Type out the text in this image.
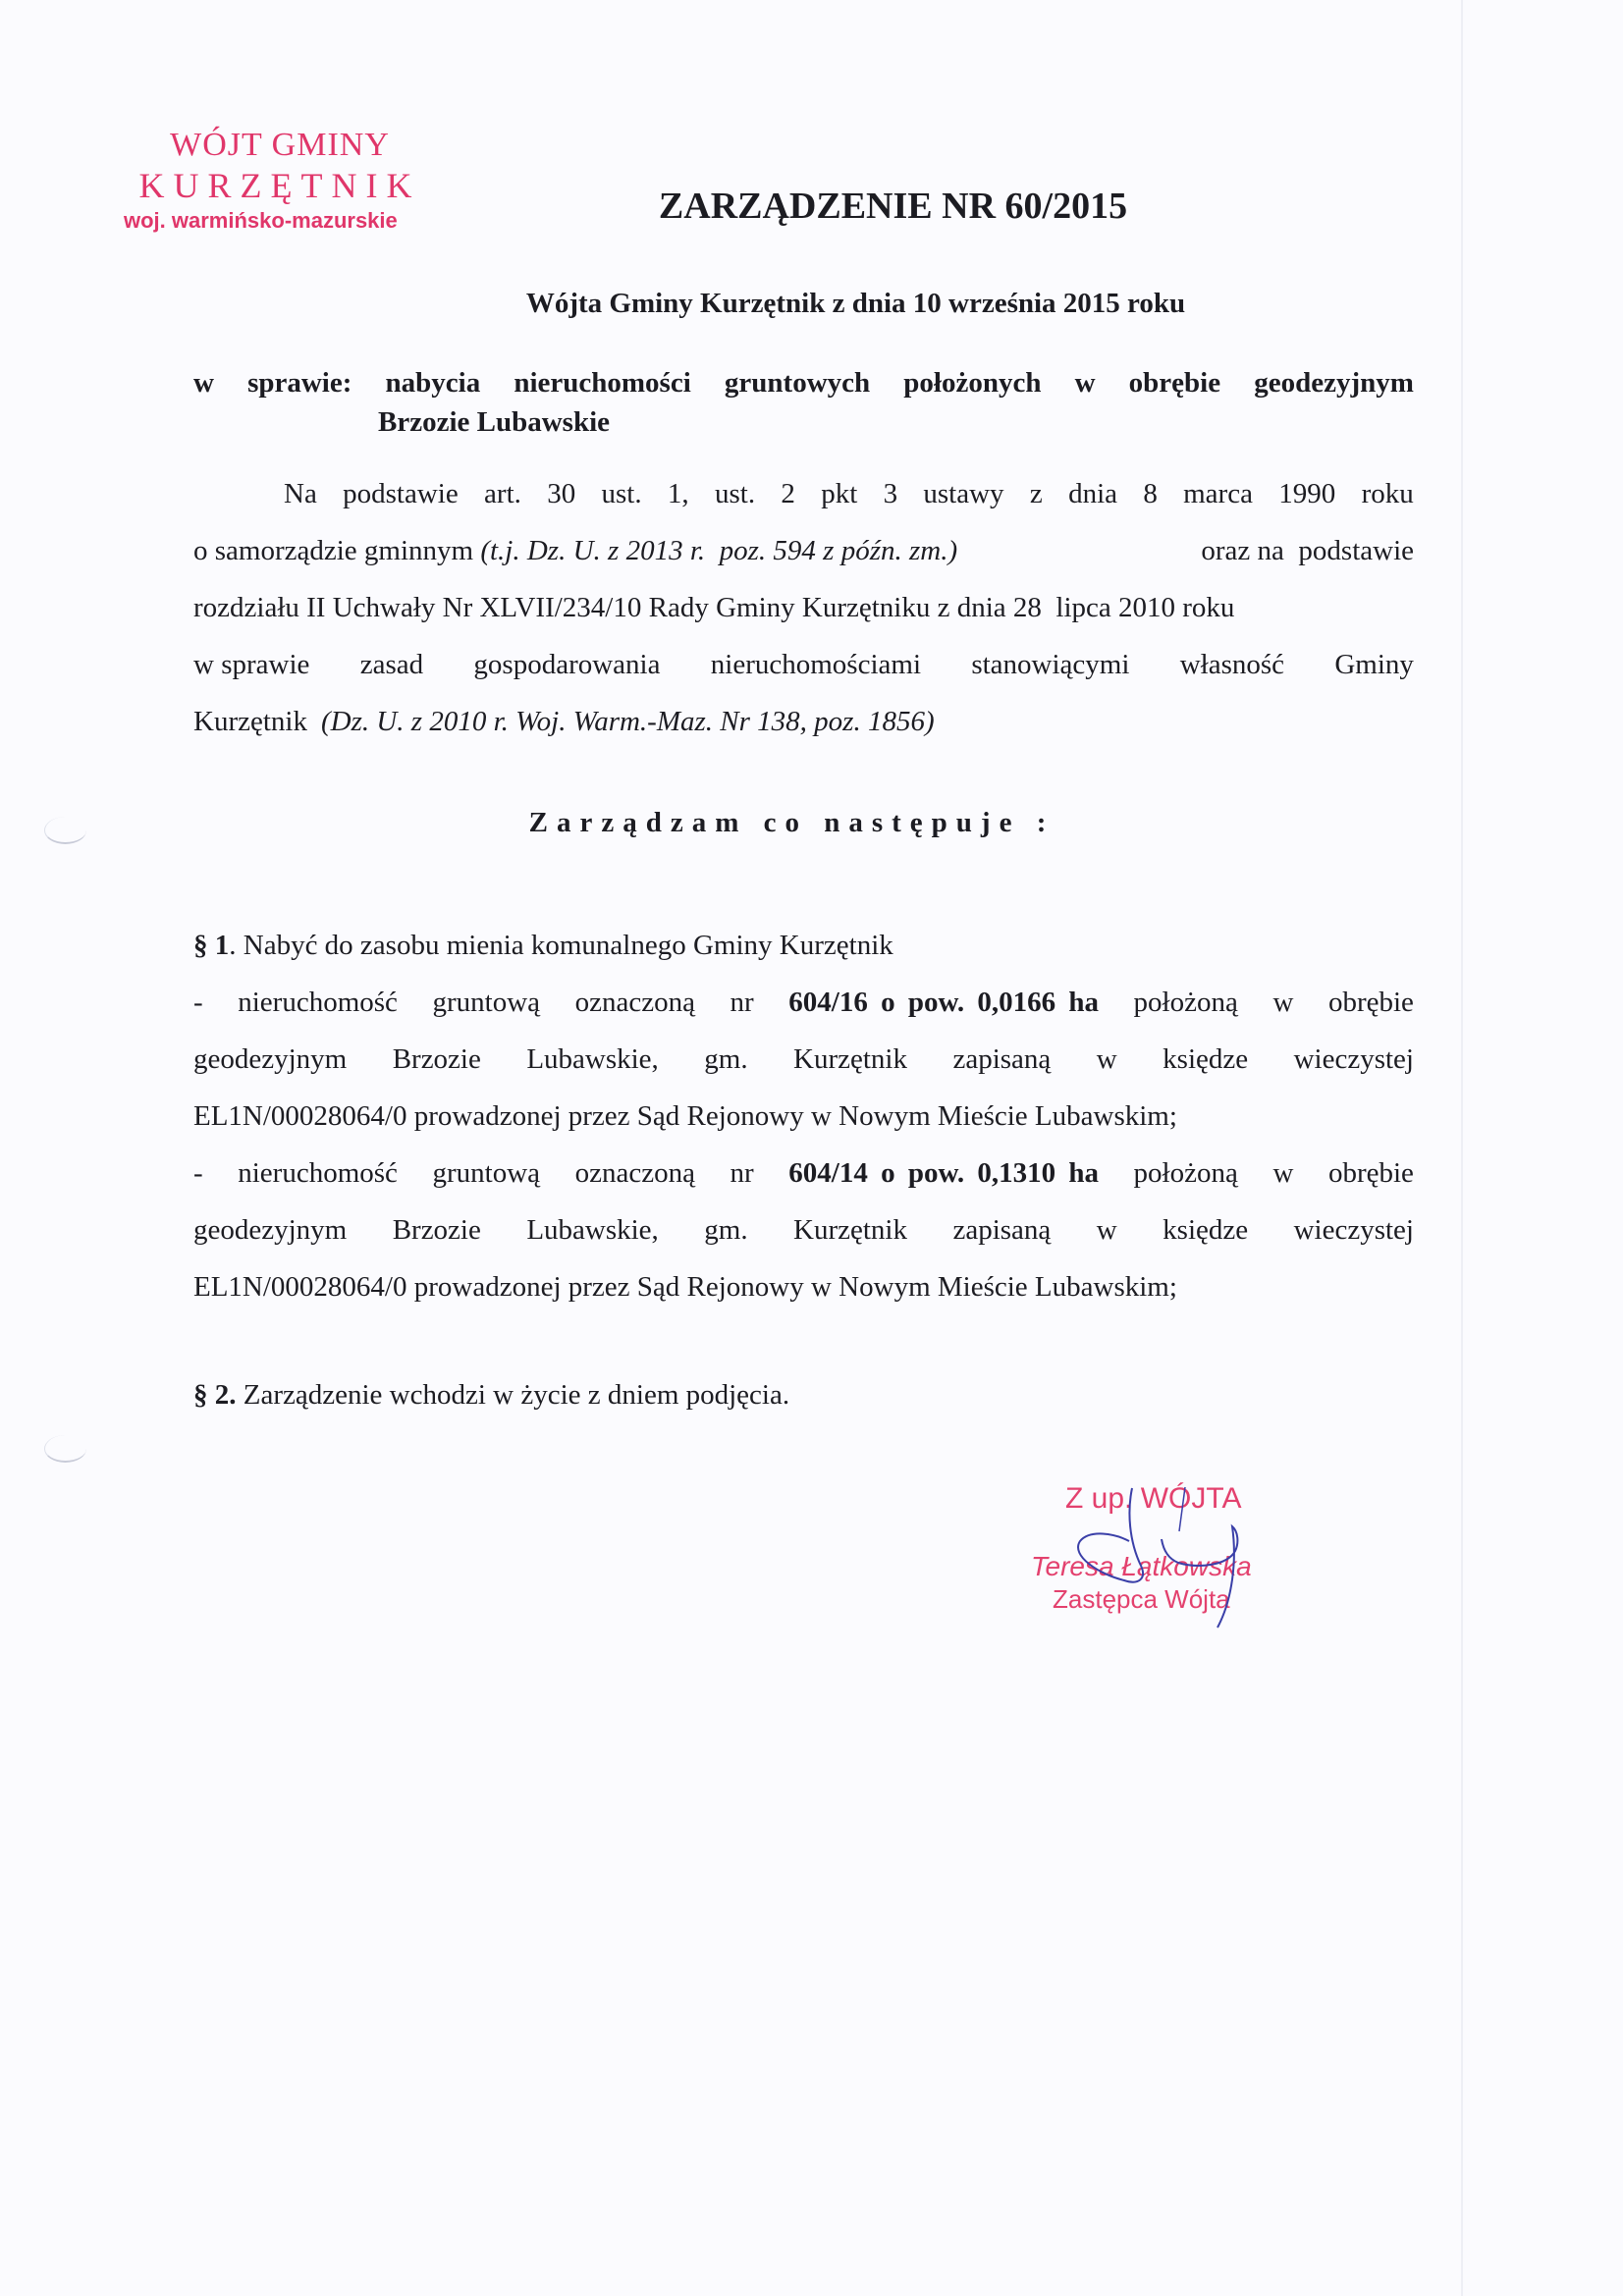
WÓJT GMINY
KURZĘTNIK
woj. warmińsko-mazurskie	ZARZĄDZENIE NR 60/2015
Wójta Gminy Kurzętnik z dnia 10 września 2015 roku
w sprawie: nabycia nieruchomości gruntowych położonych w obrębie geodezyjnym
Brzozie Lubawskie
Na podstawie art. 30 ust. 1, ust. 2 pkt 3 ustawy z dnia 8 marca 1990 roku
o samorządzie gminnym (t.j. Dz. U. z 2013 r.  poz. 594 z późn. zm.)	oraz na  podstawie
rozdziału II Uchwały Nr XLVII/234/10 Rady Gminy Kurzętniku z dnia 28  lipca 2010 roku
w sprawie zasad gospodarowania nieruchomościami stanowiącymi własność Gminy
Kurzętnik (Dz. U. z 2010 r. Woj. Warm.-Maz. Nr 138, poz. 1856)
Zarządzam co następuje :
§ 1. Nabyć do zasobu mienia komunalnego Gminy Kurzętnik
- nieruchomość gruntową oznaczoną nr 604/16 o pow. 0,0166 ha położoną w obrębie
geodezyjnym Brzozie Lubawskie, gm. Kurzętnik zapisaną w księdze wieczystej
EL1N/00028064/0 prowadzonej przez Sąd Rejonowy w Nowym Mieście Lubawskim;
- nieruchomość gruntową oznaczoną nr 604/14 o pow. 0,1310 ha położoną w obrębie
geodezyjnym Brzozie Lubawskie, gm. Kurzętnik zapisaną w księdze wieczystej
EL1N/00028064/0 prowadzonej przez Sąd Rejonowy w Nowym Mieście Lubawskim;
§ 2. Zarządzenie wchodzi w życie z dniem podjęcia.
Z up. WÓJTA
Teresa Łątkowska
Zastępca Wójta
